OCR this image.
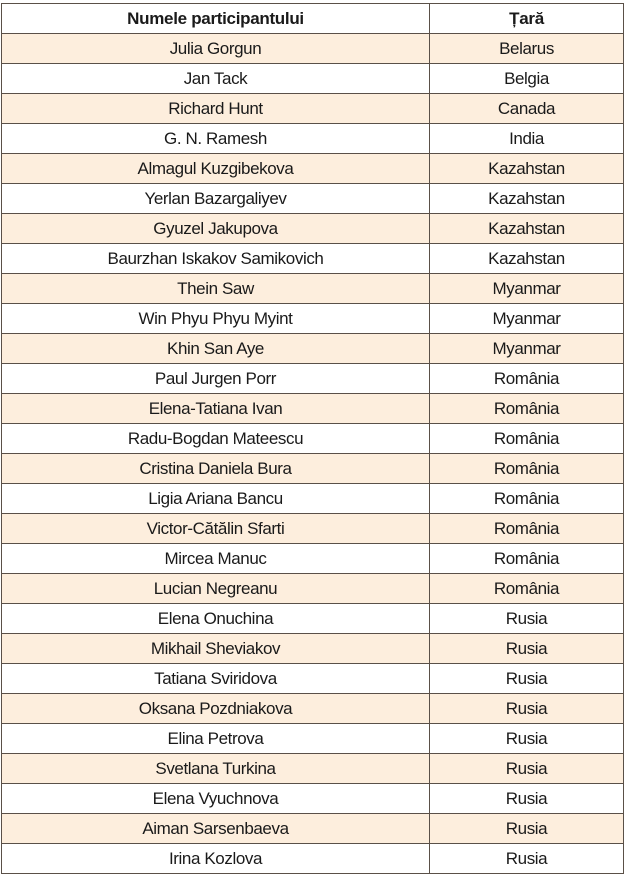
Numele participantului	Țară
Julia Gorgun	Belarus
Jan Tack	Belgia
Richard Hunt	Canada
G. N. Ramesh	India
Almagul Kuzgibekova	Kazahstan
Yerlan Bazargaliyev	Kazahstan
Gyuzel Jakupova	Kazahstan
Baurzhan Iskakov Samikovich	Kazahstan
Thein Saw	Myanmar
Win Phyu Phyu Myint	Myanmar
Khin San Aye	Myanmar
Paul Jurgen Porr	România
Elena-Tatiana Ivan	România
Radu-Bogdan Mateescu	România
Cristina Daniela Bura	România
Ligia Ariana Bancu	România
Victor-Cătălin Sfarti	România
Mircea Manuc	România
Lucian Negreanu	România
Elena Onuchina	Rusia
Mikhail Sheviakov	Rusia
Tatiana Sviridova	Rusia
Oksana Pozdniakova	Rusia
Elina Petrova	Rusia
Svetlana Turkina	Rusia
Elena Vyuchnova	Rusia
Aiman Sarsenbaeva	Rusia
Irina Kozlova	Rusia
